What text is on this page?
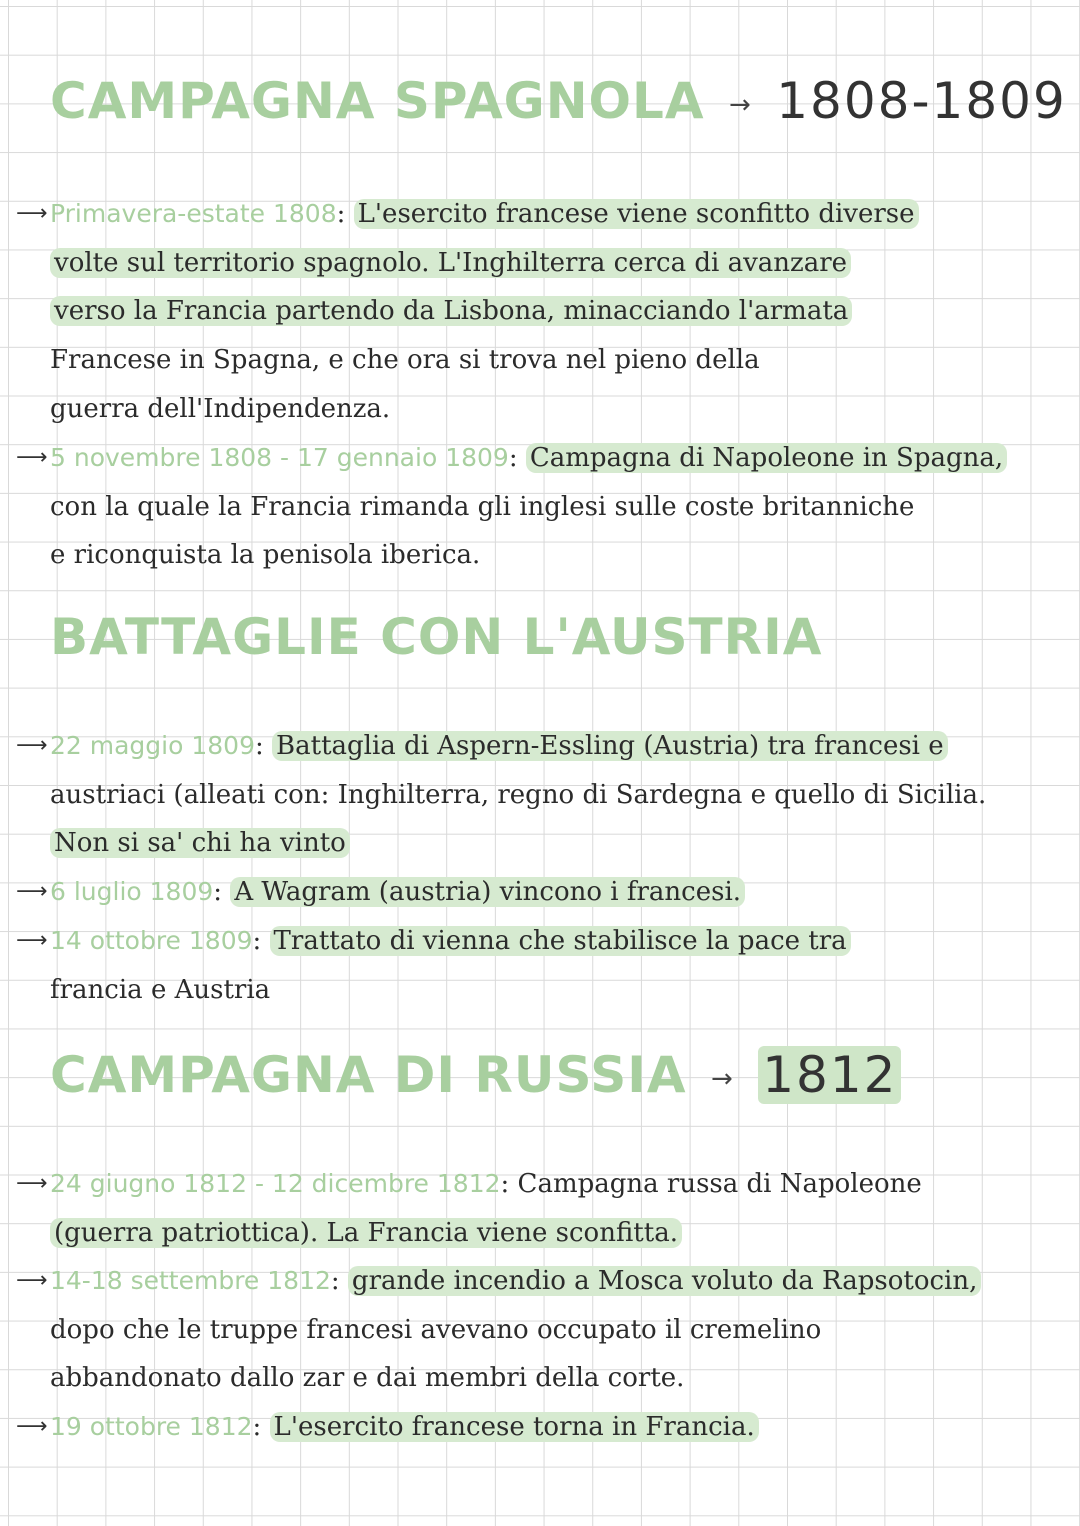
CAMPAGNA SPAGNOLA → 1808-1809
⟶ Primavera-estate 1808: L'esercito francese viene sconfitto diverse
volte sul territorio spagnolo. L'Inghilterra cerca di avanzare
verso la Francia partendo da Lisbona, minacciando l'armata
Francese in Spagna, e che ora si trova nel pieno della
guerra dell'Indipendenza.
⟶ 5 novembre 1808 - 17 gennaio 1809: Campagna di Napoleone in Spagna,
con la quale la Francia rimanda gli inglesi sulle coste britanniche
e riconquista la penisola iberica.
BATTAGLIE CON L'AUSTRIA
⟶ 22 maggio 1809: Battaglia di Aspern-Essling (Austria) tra francesi e
austriaci (alleati con: Inghilterra, regno di Sardegna e quello di Sicilia.
Non si sa' chi ha vinto
⟶ 6 luglio 1809: A Wagram (austria) vincono i francesi.
⟶ 14 ottobre 1809: Trattato di vienna che stabilisce la pace tra
francia e Austria
CAMPAGNA DI RUSSIA → 1812
⟶ 24 giugno 1812 - 12 dicembre 1812: Campagna russa di Napoleone
(guerra patriottica). La Francia viene sconfitta.
⟶ 14-18 settembre 1812: grande incendio a Mosca voluto da Rapsotocin,
dopo che le truppe francesi avevano occupato il cremelino
abbandonato dallo zar e dai membri della corte.
⟶ 19 ottobre 1812: L'esercito francese torna in Francia.
